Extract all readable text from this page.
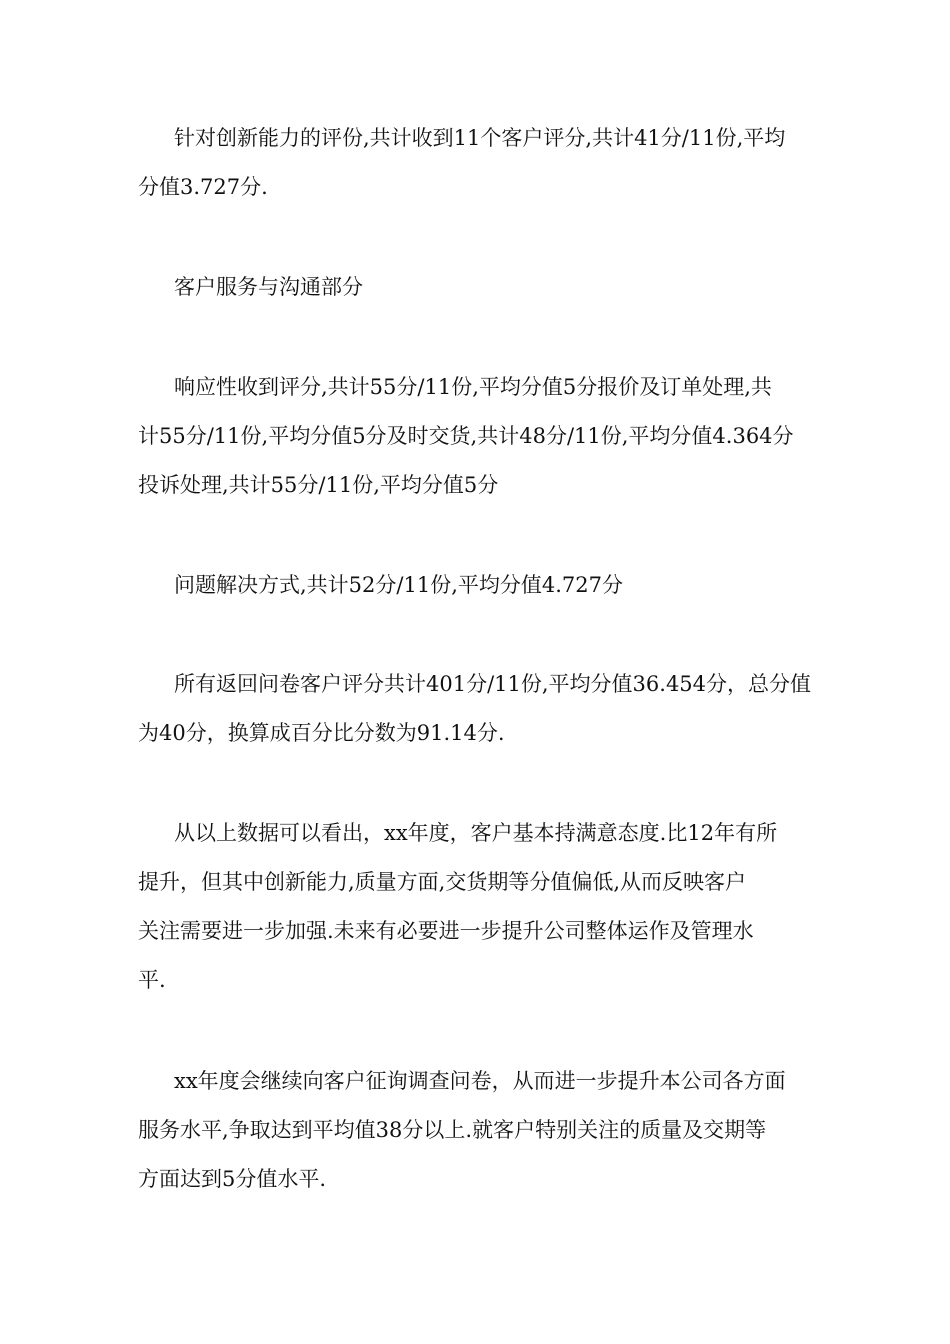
针对创新能力的评份,共计收到11个客户评分,共计41分/11份,平均
分值3.727分.

客户服务与沟通部分

响应性收到评分,共计55分/11份,平均分值5分报价及订单处理,共
计55分/11份,平均分值5分及时交货,共计48分/11份,平均分值4.364分
投诉处理,共计55分/11份,平均分值5分

问题解决方式,共计52分/11份,平均分值4.727分

所有返回问卷客户评分共计401分/11份,平均分值36.454分，总分值
为40分，换算成百分比分数为91.14分.

从以上数据可以看出，xx年度，客户基本持满意态度.比12年有所
提升，但其中创新能力,质量方面,交货期等分值偏低,从而反映客户
关注需要进一步加强.未来有必要进一步提升公司整体运作及管理水
平.

xx年度会继续向客户征询调查问卷，从而进一步提升本公司各方面
服务水平,争取达到平均值38分以上.就客户特别关注的质量及交期等
方面达到5分值水平.
